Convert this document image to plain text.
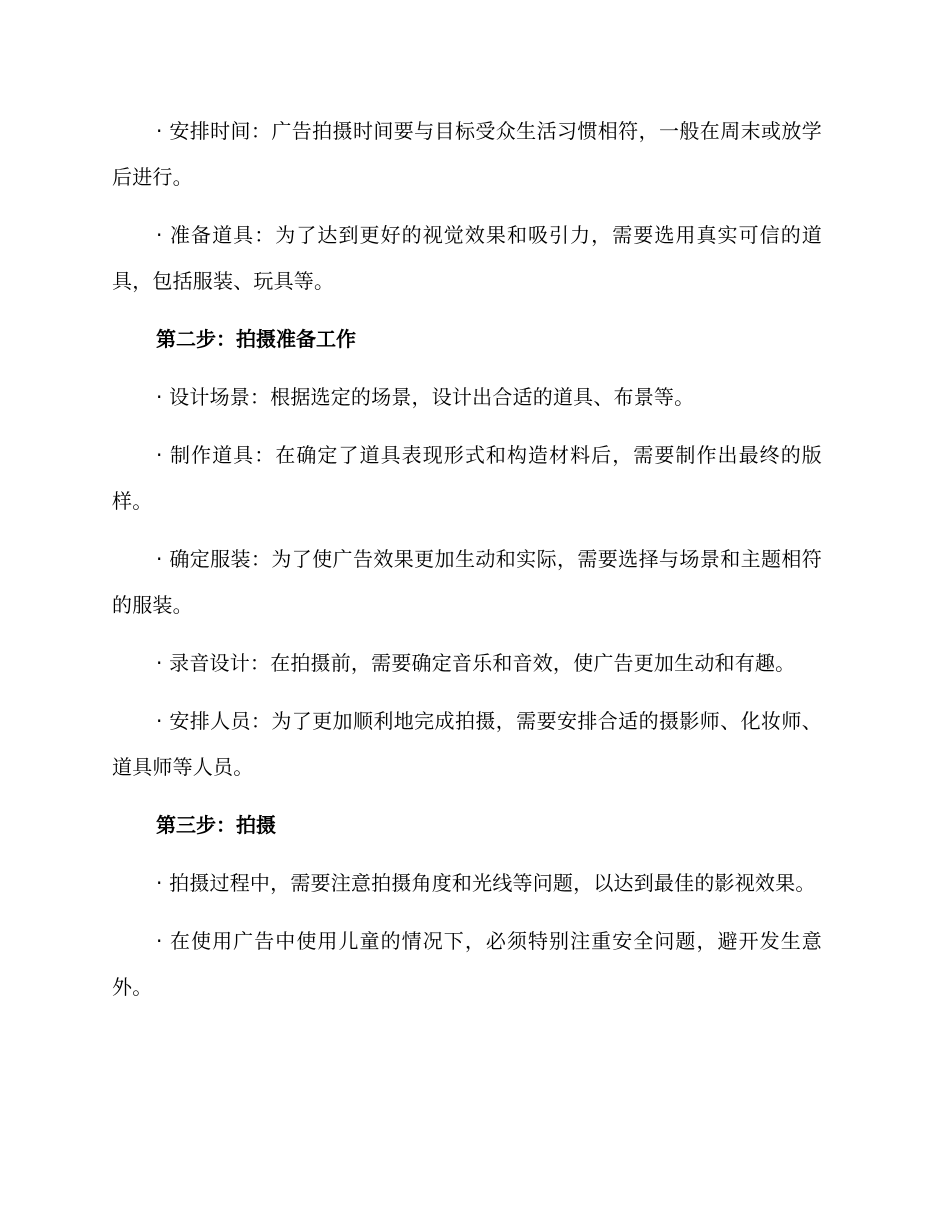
· 安排时间：广告拍摄时间要与目标受众生活习惯相符，一般在周末或放学后进行。

· 准备道具：为了达到更好的视觉效果和吸引力，需要选用真实可信的道具，包括服装、玩具等。

第二步：拍摄准备工作

· 设计场景：根据选定的场景，设计出合适的道具、布景等。

· 制作道具：在确定了道具表现形式和构造材料后，需要制作出最终的版样。

· 确定服装：为了使广告效果更加生动和实际，需要选择与场景和主题相符的服装。

· 录音设计：在拍摄前，需要确定音乐和音效，使广告更加生动和有趣。

· 安排人员：为了更加顺利地完成拍摄，需要安排合适的摄影师、化妆师、道具师等人员。

第三步：拍摄

· 拍摄过程中，需要注意拍摄角度和光线等问题，以达到最佳的影视效果。

· 在使用广告中使用儿童的情况下，必须特别注重安全问题，避开发生意外。
